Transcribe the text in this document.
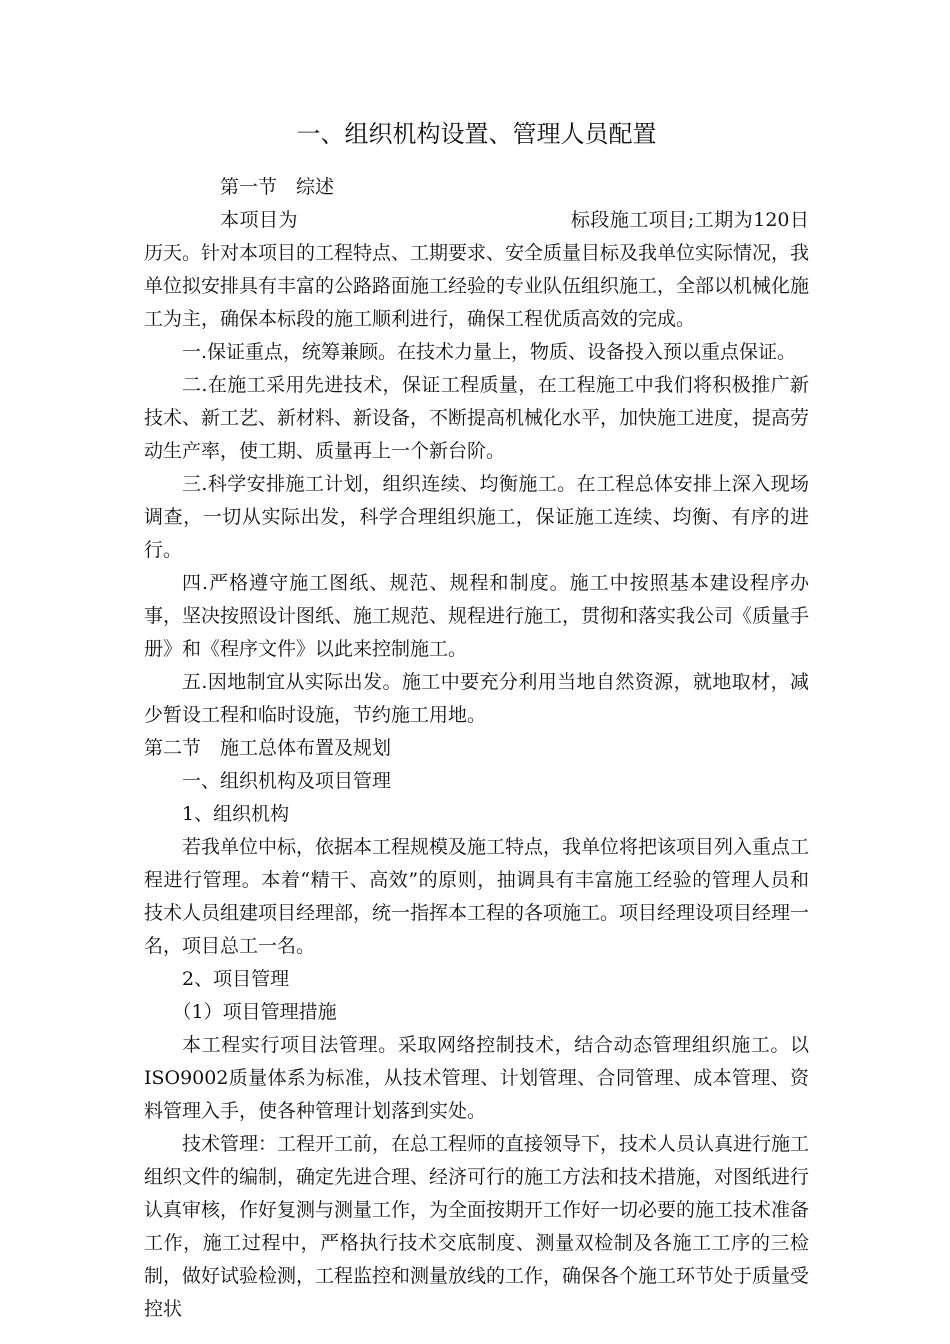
一、组织机构设置、管理人员配置

第一节　综述

本项目为　　　　　　　　　　　　　　标段施工项目;工期为120日历天。针对本项目的工程特点、工期要求、安全质量目标及我单位实际情况，我单位拟安排具有丰富的公路路面施工经验的专业队伍组织施工，全部以机械化施工为主，确保本标段的施工顺利进行，确保工程优质高效的完成。

一.保证重点，统筹兼顾。在技术力量上，物质、设备投入预以重点保证。

二.在施工采用先进技术，保证工程质量，在工程施工中我们将积极推广新技术、新工艺、新材料、新设备，不断提高机械化水平，加快施工进度，提高劳动生产率，使工期、质量再上一个新台阶。

三.科学安排施工计划，组织连续、均衡施工。在工程总体安排上深入现场调查，一切从实际出发，科学合理组织施工，保证施工连续、均衡、有序的进行。

四.严格遵守施工图纸、规范、规程和制度。施工中按照基本建设程序办事，坚决按照设计图纸、施工规范、规程进行施工，贯彻和落实我公司《质量手册》和《程序文件》以此来控制施工。

五.因地制宜从实际出发。施工中要充分利用当地自然资源，就地取材，减少暂设工程和临时设施，节约施工用地。

第二节　施工总体布置及规划

一、组织机构及项目管理

1、组织机构

若我单位中标，依据本工程规模及施工特点，我单位将把该项目列入重点工程进行管理。本着“精干、高效”的原则，抽调具有丰富施工经验的管理人员和技术人员组建项目经理部，统一指挥本工程的各项施工。项目经理设项目经理一名，项目总工一名。

2、项目管理

（1）项目管理措施

本工程实行项目法管理。采取网络控制技术，结合动态管理组织施工。以ISO9002质量体系为标准，从技术管理、计划管理、合同管理、成本管理、资料管理入手，使各种管理计划落到实处。

技术管理：工程开工前，在总工程师的直接领导下，技术人员认真进行施工组织文件的编制，确定先进合理、经济可行的施工方法和技术措施，对图纸进行认真审核，作好复测与测量工作，为全面按期开工作好一切必要的施工技术准备工作，施工过程中，严格执行技术交底制度、测量双检制及各施工工序的三检制，做好试验检测，工程监控和测量放线的工作，确保各个施工环节处于质量受控状
